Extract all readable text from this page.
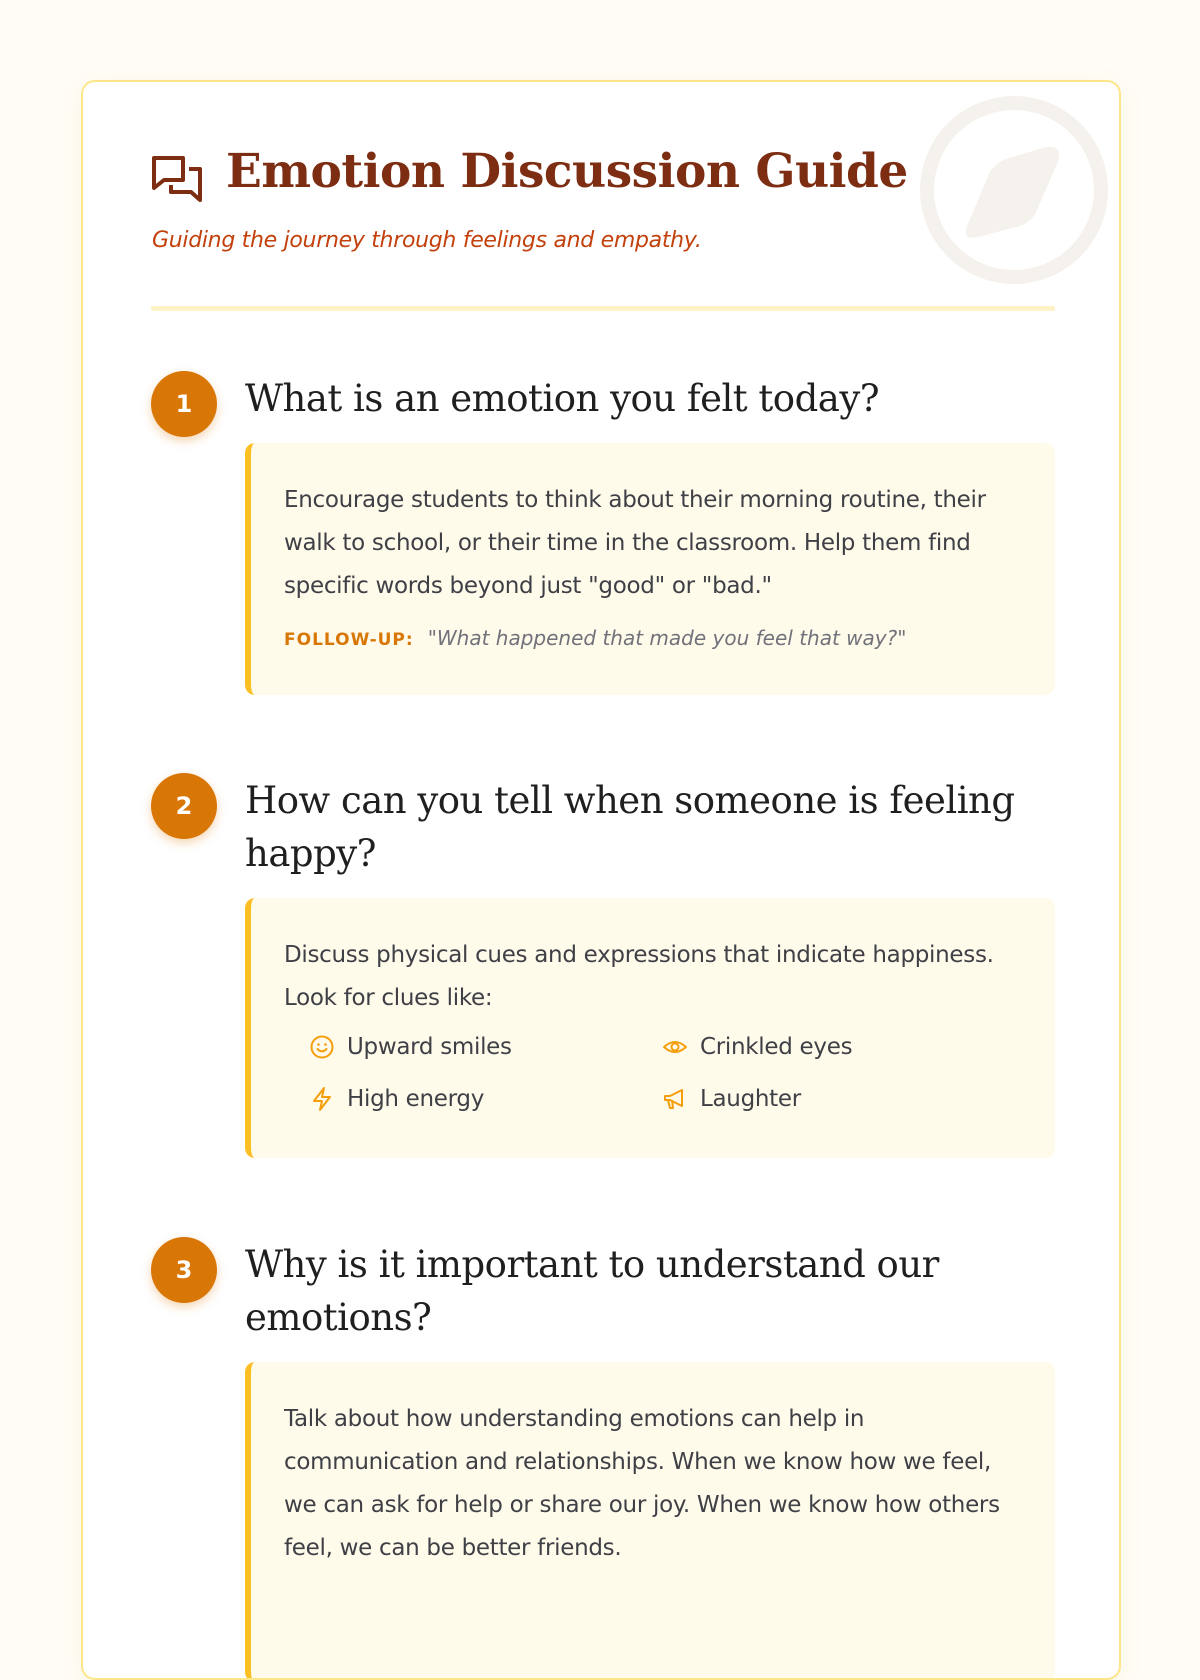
Emotion Discussion Guide
Guiding the journey through feelings and empathy.
1	What is an emotion you felt today?

Encourage students to think about their morning routine, their walk to school, or their time in the classroom. Help them find specific words beyond just "good" or "bad."

FOLLOW-UP: "What happened that made you feel that way?"
2	How can you tell when someone is feeling happy?

Discuss physical cues and expressions that indicate happiness. Look for clues like:

Upward smiles	Crinkled eyes
High energy	Laughter
3	Why is it important to understand our emotions?

Talk about how understanding emotions can help in communication and relationships. When we know how we feel, we can ask for help or share our joy. When we know how others feel, we can be better friends.
